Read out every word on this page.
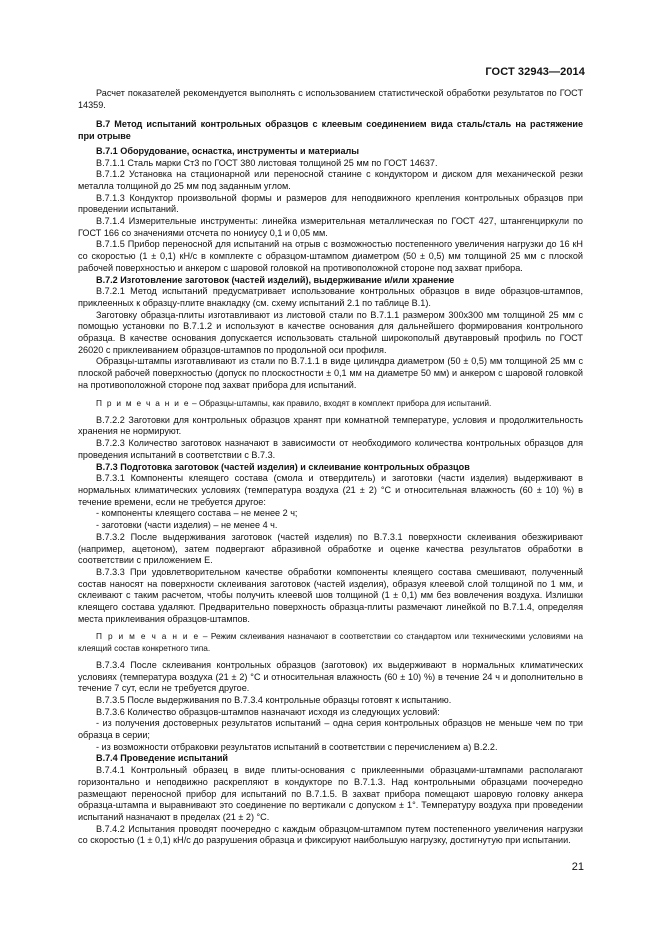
ГОСТ 32943—2014

Расчет показателей рекомендуется выполнять с использованием статистической обработки результатов по ГОСТ 14359.

В.7 Метод испытаний контрольных образцов с клеевым соединением вида сталь/сталь на растяжение при отрыве

В.7.1 Оборудование, оснастка, инструменты и материалы

В.7.1.1 Сталь марки Ст3 по ГОСТ 380 листовая толщиной 25 мм по ГОСТ 14637.

В.7.1.2 Установка на стационарной или переносной станине с кондуктором и диском для механической резки металла толщиной до 25 мм под заданным углом.

В.7.1.3 Кондуктор произвольной формы и размеров для неподвижного крепления контрольных образцов при проведении испытаний.

В.7.1.4 Измерительные инструменты: линейка измерительная металлическая по ГОСТ 427, штангенциркули по ГОСТ 166 со значениями отсчета по нониусу 0,1 и 0,05 мм.

В.7.1.5 Прибор переносной для испытаний на отрыв с возможностью постепенного увеличения нагрузки до 16 кН со скоростью (1 ± 0,1) кН/с в комплекте с образцом-штампом диаметром (50 ± 0,5) мм толщиной 25 мм с плоской рабочей поверхностью и анкером с шаровой головкой на противоположной стороне под захват прибора.

В.7.2 Изготовление заготовок (частей изделий), выдерживание и/или хранение

В.7.2.1 Метод испытаний предусматривает использование контрольных образцов в виде образцов-штампов, приклеенных к образцу-плите внакладку (см. схему испытаний 2.1 по таблице В.1).

Заготовку образца-плиты изготавливают из листовой стали по В.7.1.1 размером 300х300 мм толщиной 25 мм с помощью установки по В.7.1.2 и используют в качестве основания для дальнейшего формирования контрольного образца. В качестве основания допускается использовать стальной широкополый двутавровый профиль по ГОСТ 26020 с приклеиванием образцов-штампов по продольной оси профиля.

Образцы-штампы изготавливают из стали по В.7.1.1 в виде цилиндра диаметром (50 ± 0,5) мм толщиной 25 мм с плоской рабочей поверхностью (допуск по плоскостности ± 0,1 мм на диаметре 50 мм) и анкером с шаровой головкой на противоположной стороне под захват прибора для испытаний.

П р и м е ч а н и е – Образцы-штампы, как правило, входят в комплект прибора для испытаний.

В.7.2.2 Заготовки для контрольных образцов хранят при комнатной температуре, условия и продолжительность хранения не нормируют.

В.7.2.3 Количество заготовок назначают в зависимости от необходимого количества контрольных образцов для проведения испытаний в соответствии с В.7.3.

В.7.3 Подготовка заготовок (частей изделия) и склеивание контрольных образцов

В.7.3.1 Компоненты клеящего состава (смола и отвердитель) и заготовки (части изделия) выдерживают в нормальных климатических условиях (температура воздуха (21 ± 2) °С и относительная влажность (60 ± 10) %) в течение времени, если не требуется другое:

- компоненты клеящего состава – не менее 2 ч;

- заготовки (части изделия) – не менее 4 ч.

В.7.3.2 После выдерживания заготовок (частей изделия) по В.7.3.1 поверхности склеивания обезжиривают (например, ацетоном), затем подвергают абразивной обработке и оценке качества результатов обработки в соответствии с приложением Е.

В.7.3.3 При удовлетворительном качестве обработки компоненты клеящего состава смешивают, полученный состав наносят на поверхности склеивания заготовок (частей изделия), образуя клеевой слой толщиной по 1 мм, и склеивают с таким расчетом, чтобы получить клеевой шов толщиной (1 ± 0,1) мм без вовлечения воздуха. Излишки клеящего состава удаляют. Предварительно поверхность образца-плиты размечают линейкой по В.7.1.4, определяя места приклеивания образцов-штампов.

П р и м е ч а н и е – Режим склеивания назначают в соответствии со стандартом или техническими условиями на клеящий состав конкретного типа.

В.7.3.4 После склеивания контрольных образцов (заготовок) их выдерживают в нормальных климатических условиях (температура воздуха (21 ± 2) °С и относительная влажность (60 ± 10) %) в течение 24 ч и дополнительно в течение 7 сут, если не требуется другое.

В.7.3.5 После выдерживания по В.7.3.4 контрольные образцы готовят к испытанию.

В.7.3.6 Количество образцов-штампов назначают исходя из следующих условий:

- из получения достоверных результатов испытаний – одна серия контрольных образцов не меньше чем по три образца в серии;

- из возможности отбраковки результатов испытаний в соответствии с перечислением а) В.2.2.

В.7.4 Проведение испытаний

В.7.4.1 Контрольный образец в виде плиты-основания с приклеенными образцами-штампами располагают горизонтально и неподвижно раскрепляют в кондукторе по В.7.1.3. Над контрольными образцами поочередно размещают переносной прибор для испытаний по В.7.1.5. В захват прибора помещают шаровую головку анкера образца-штампа и выравнивают это соединение по вертикали с допуском ± 1°. Температуру воздуха при проведении испытаний назначают в пределах (21 ± 2) °С.

В.7.4.2 Испытания проводят поочередно с каждым образцом-штампом путем постепенного увеличения нагрузки со скоростью (1 ± 0,1) кН/с до разрушения образца и фиксируют наибольшую нагрузку, достигнутую при испытании.

21
